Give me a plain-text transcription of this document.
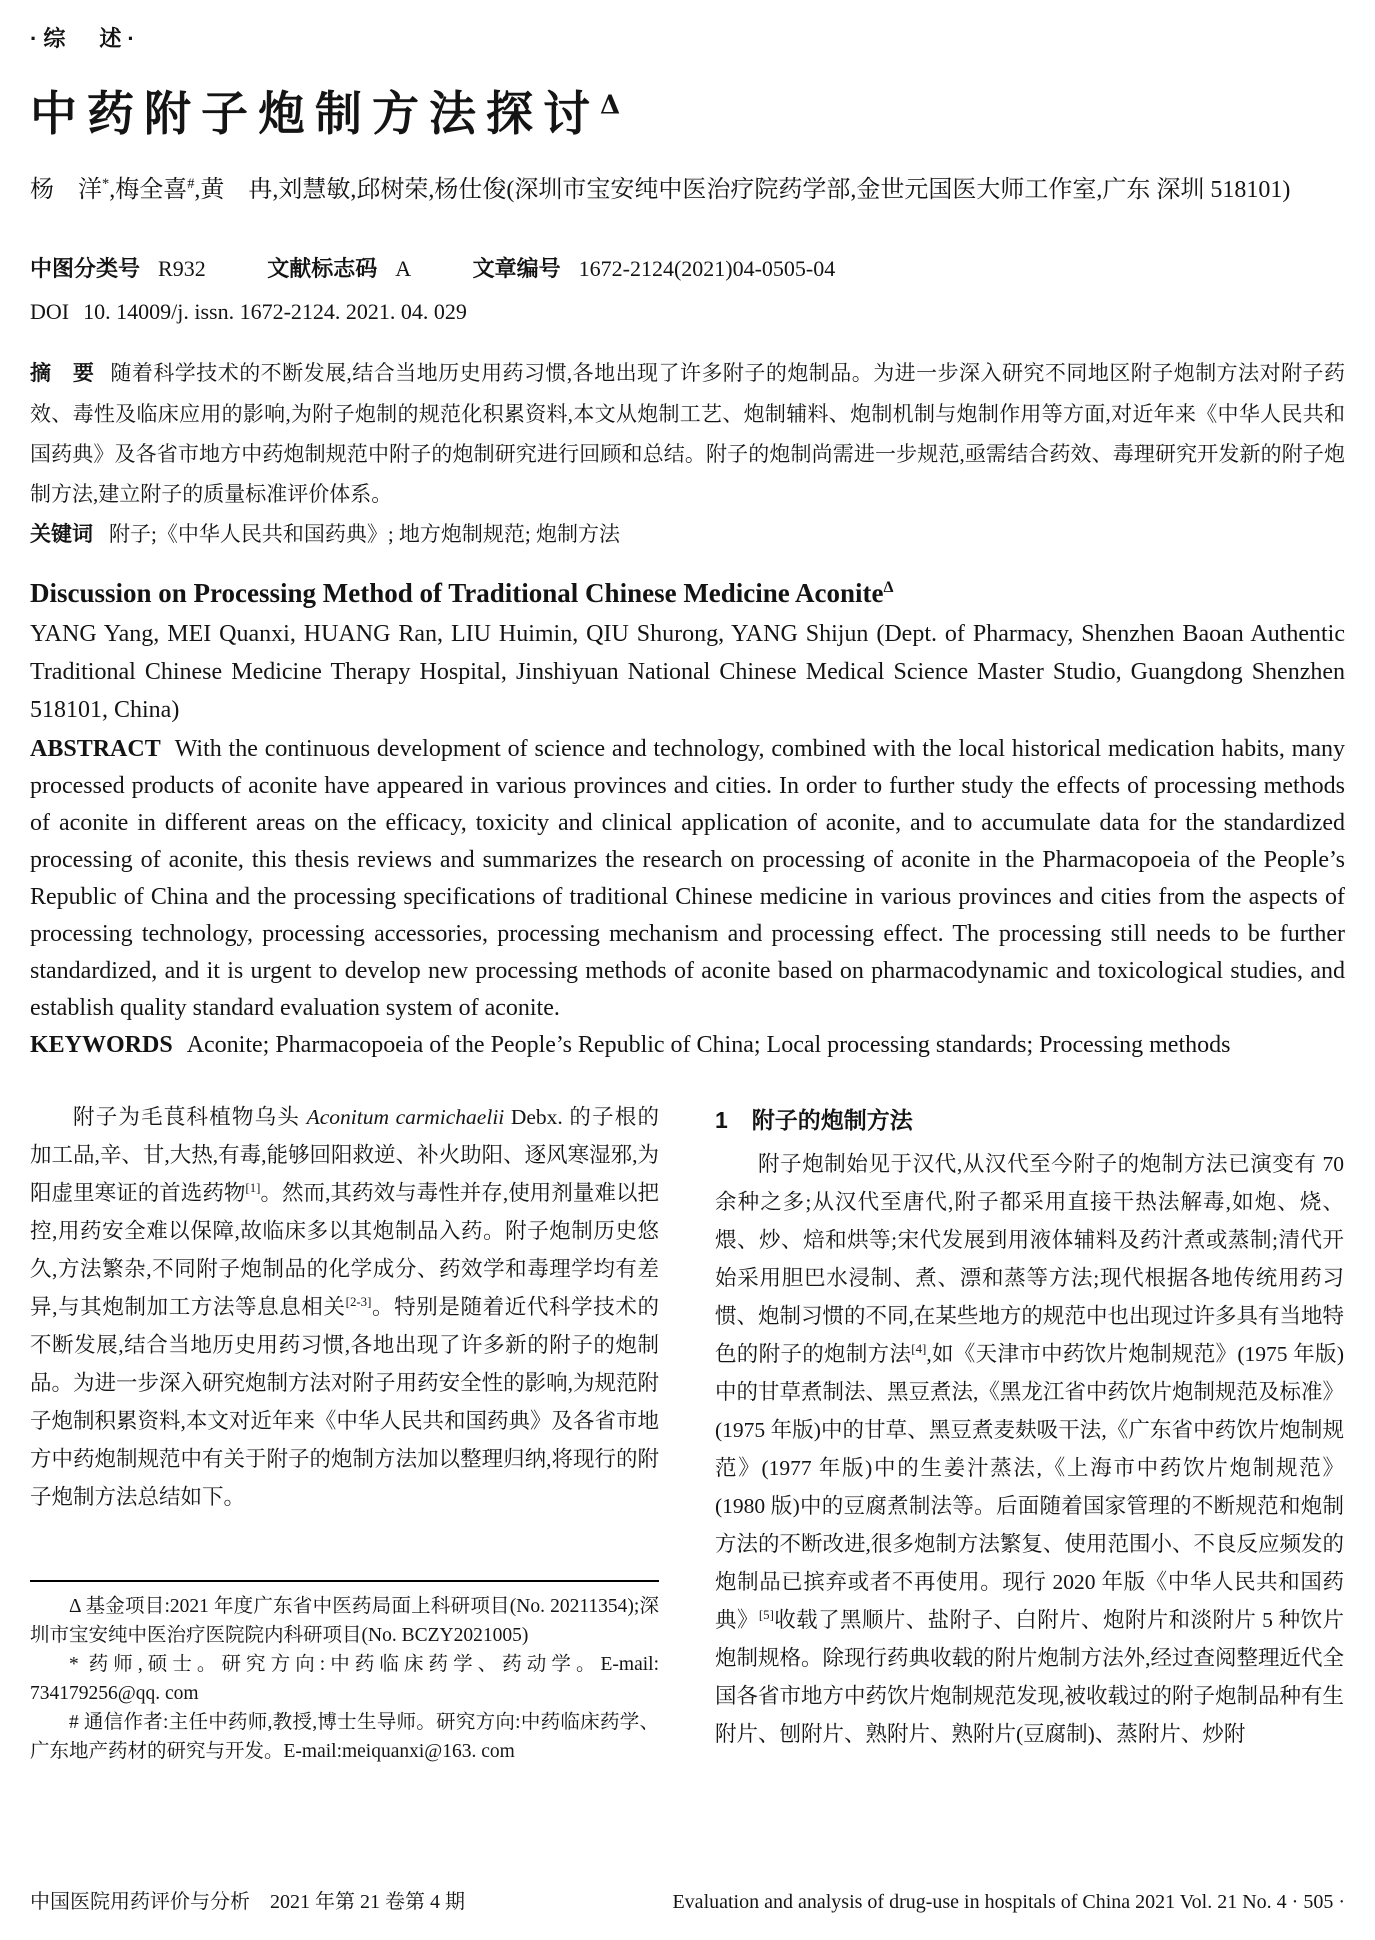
·综　述·
中药附子炮制方法探讨$^\Delta$
杨　洋*,梅全喜#,黄　冉,刘慧敏,邱树荣,杨仕俊(深圳市宝安纯中医治疗院药学部,金世元国医大师工作室,广东 深圳 518101)
中图分类号 R932	文献标志码 A	文章编号 1672-2124(2021)04-0505-04
DOI 10. 14009/j. issn. 1672-2124. 2021. 04. 029
摘　要 随着科学技术的不断发展,结合当地历史用药习惯,各地出现了许多附子的炮制品。为进一步深入研究不同地区附子炮制方法对附子药效、毒性及临床应用的影响,为附子炮制的规范化积累资料,本文从炮制工艺、炮制辅料、炮制机制与炮制作用等方面,对近年来《中华人民共和国药典》及各省市地方中药炮制规范中附子的炮制研究进行回顾和总结。附子的炮制尚需进一步规范,亟需结合药效、毒理研究开发新的附子炮制方法,建立附子的质量标准评价体系。
关键词 附子;《中华人民共和国药典》; 地方炮制规范; 炮制方法
Discussion on Processing Method of Traditional Chinese Medicine Aconite$^\Delta$
YANG Yang, MEI Quanxi, HUANG Ran, LIU Huimin, QIU Shurong, YANG Shijun (Dept. of Pharmacy, Shenzhen Baoan Authentic Traditional Chinese Medicine Therapy Hospital, Jinshiyuan National Chinese Medical Science Master Studio, Guangdong Shenzhen 518101, China)
ABSTRACT With the continuous development of science and technology, combined with the local historical medication habits, many processed products of aconite have appeared in various provinces and cities. In order to further study the effects of processing methods of aconite in different areas on the efficacy, toxicity and clinical application of aconite, and to accumulate data for the standardized processing of aconite, this thesis reviews and summarizes the research on processing of aconite in the Pharmacopoeia of the People’s Republic of China and the processing specifications of traditional Chinese medicine in various provinces and cities from the aspects of processing technology, processing accessories, processing mechanism and processing effect. The processing still needs to be further standardized, and it is urgent to develop new processing methods of aconite based on pharmacodynamic and toxicological studies, and establish quality standard evaluation system of aconite.
KEYWORDS Aconite; Pharmacopoeia of the People’s Republic of China; Local processing standards; Processing methods

附子为毛茛科植物乌头 Aconitum carmichaelii Debx. 的子根的加工品,辛、甘,大热,有毒,能够回阳救逆、补火助阳、逐风寒湿邪,为阳虚里寒证的首选药物[1]。然而,其药效与毒性并存,使用剂量难以把控,用药安全难以保障,故临床多以其炮制品入药。附子炮制历史悠久,方法繁杂,不同附子炮制品的化学成分、药效学和毒理学均有差异,与其炮制加工方法等息息相关[2-3]。特别是随着近代科学技术的不断发展,结合当地历史用药习惯,各地出现了许多新的附子的炮制品。为进一步深入研究炮制方法对附子用药安全性的影响,为规范附子炮制积累资料,本文对近年来《中华人民共和国药典》及各省市地方中药炮制规范中有关于附子的炮制方法加以整理归纳,将现行的附子炮制方法总结如下。

Δ 基金项目:2021 年度广东省中医药局面上科研项目(No. 20211354);深圳市宝安纯中医治疗医院院内科研项目(No. BCZY2021005)

* 药师,硕士。研究方向:中药临床药学、药动学。E-mail: 734179256@qq. com

# 通信作者:主任中药师,教授,博士生导师。研究方向:中药临床药学、广东地产药材的研究与开发。E-mail:meiquanxi@163. com

1 附子的炮制方法

附子炮制始见于汉代,从汉代至今附子的炮制方法已演变有 70 余种之多;从汉代至唐代,附子都采用直接干热法解毒,如炮、烧、煨、炒、焙和烘等;宋代发展到用液体辅料及药汁煮或蒸制;清代开始采用胆巴水浸制、煮、漂和蒸等方法;现代根据各地传统用药习惯、炮制习惯的不同,在某些地方的规范中也出现过许多具有当地特色的附子的炮制方法[4],如《天津市中药饮片炮制规范》(1975 年版)中的甘草煮制法、黑豆煮法,《黑龙江省中药饮片炮制规范及标准》(1975 年版)中的甘草、黑豆煮麦麸吸干法,《广东省中药饮片炮制规范》(1977 年版)中的生姜汁蒸法,《上海市中药饮片炮制规范》(1980 版)中的豆腐煮制法等。后面随着国家管理的不断规范和炮制方法的不断改进,很多炮制方法繁复、使用范围小、不良反应频发的炮制品已摈弃或者不再使用。现行 2020 年版《中华人民共和国药典》[5]收载了黑顺片、盐附子、白附片、炮附片和淡附片 5 种饮片炮制规格。除现行药典收载的附片炮制方法外,经过查阅整理近代全国各省市地方中药饮片炮制规范发现,被收载过的附子炮制品种有生附片、刨附片、熟附片、熟附片(豆腐制)、蒸附片、炒附

中国医院用药评价与分析　2021 年第 21 卷第 4 期	Evaluation and analysis of drug-use in hospitals of China 2021 Vol. 21 No. 4 · 505 ·
